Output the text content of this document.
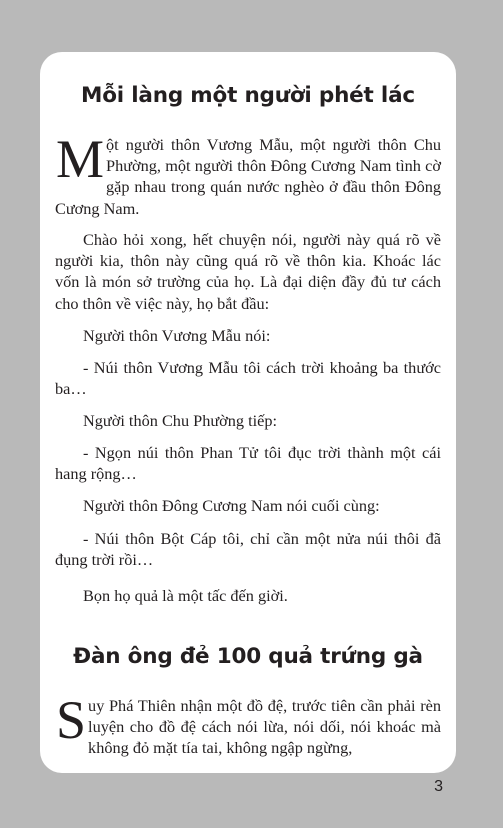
Mỗi làng một người phét lác

Một người thôn Vương Mẫu, một người thôn Chu Phường, một người thôn Đông Cương Nam tình cờ gặp nhau trong quán nước nghèo ở đầu thôn Đông Cương Nam.

Chào hỏi xong, hết chuyện nói, người này quá rõ về người kia, thôn này cũng quá rõ về thôn kia. Khoác lác vốn là món sở trường của họ. Là đại diện đầy đủ tư cách cho thôn về việc này, họ bắt đầu:

Người thôn Vương Mẫu nói:

- Núi thôn Vương Mẫu tôi cách trời khoảng ba thước ba…

Người thôn Chu Phường tiếp:

- Ngọn núi thôn Phan Tử tôi đục trời thành một cái hang rộng…

Người thôn Đông Cương Nam nói cuối cùng:

- Núi thôn Bột Cáp tôi, chỉ cần một nửa núi thôi đã đụng trời rồi…

Bọn họ quả là một tấc đến giời.

Đàn ông đẻ 100 quả trứng gà

Suy Phá Thiên nhận một đồ đệ, trước tiên cần phải rèn luyện cho đồ đệ cách nói lừa, nói dối, nói khoác mà không đỏ mặt tía tai, không ngập ngừng,

3
